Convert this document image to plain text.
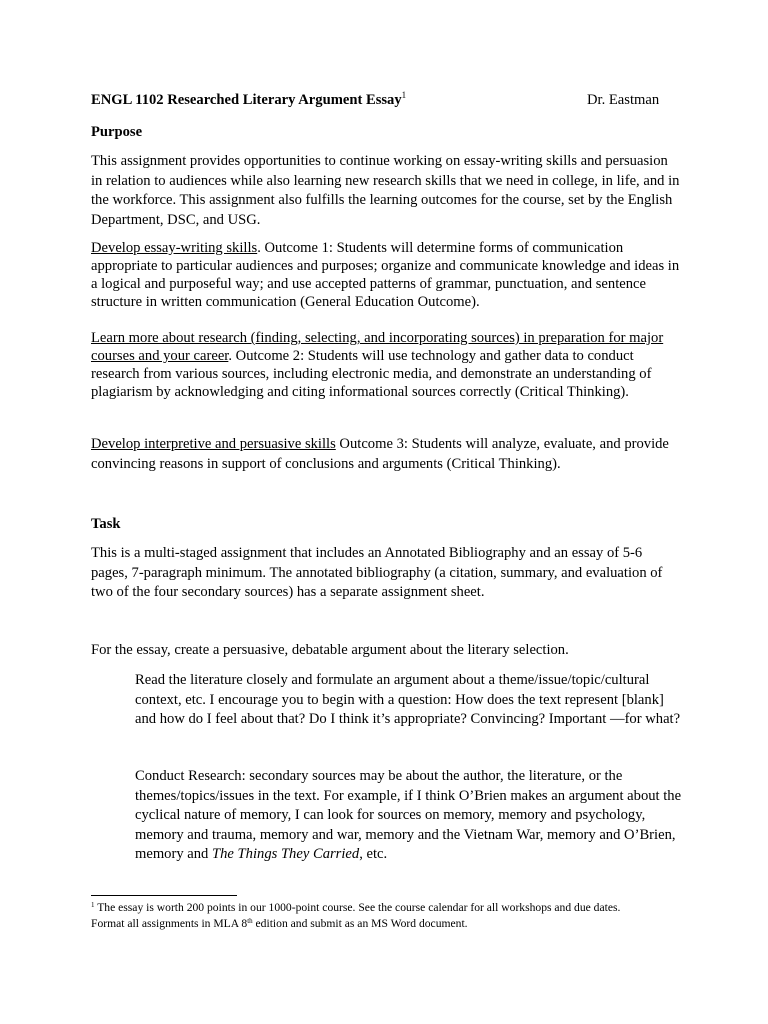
ENGL 1102 Researched Literary Argument Essay$^1$	Dr. Eastman
Purpose

This assignment provides opportunities to continue working on essay-writing skills and persuasion in relation to audiences while also learning new research skills that we need in college, in life, and in the workforce. This assignment also fulfills the learning outcomes for the course, set by the English Department, DSC, and USG.

Develop essay-writing skills. Outcome 1: Students will determine forms of communication appropriate to particular audiences and purposes; organize and communicate knowledge and ideas in a logical and purposeful way; and use accepted patterns of grammar, punctuation, and sentence structure in written communication (General Education Outcome).

Learn more about research (finding, selecting, and incorporating sources) in preparation for major courses and your career. Outcome 2: Students will use technology and gather data to conduct research from various sources, including electronic media, and demonstrate an understanding of plagiarism by acknowledging and citing informational sources correctly (Critical Thinking).

Develop interpretive and persuasive skills Outcome 3: Students will analyze, evaluate, and provide convincing reasons in support of conclusions and arguments (Critical Thinking).

Task

This is a multi-staged assignment that includes an Annotated Bibliography and an essay of 5-6 pages, 7-paragraph minimum. The annotated bibliography (a citation, summary, and evaluation of two of the four secondary sources) has a separate assignment sheet.

For the essay, create a persuasive, debatable argument about the literary selection.

Read the literature closely and formulate an argument about a theme/issue/topic/cultural context, etc. I encourage you to begin with a question: How does the text represent [blank] and how do I feel about that? Do I think it’s appropriate? Convincing? Important —for what?

Conduct Research: secondary sources may be about the author, the literature, or the themes/topics/issues in the text. For example, if I think O’Brien makes an argument about the cyclical nature of memory, I can look for sources on memory, memory and psychology, memory and trauma, memory and war, memory and the Vietnam War, memory and O’Brien, memory and The Things They Carried, etc.

$^1$ The essay is worth 200 points in our 1000-point course. See the course calendar for all workshops and due dates.
Format all assignments in MLA 8th edition and submit as an MS Word document.
